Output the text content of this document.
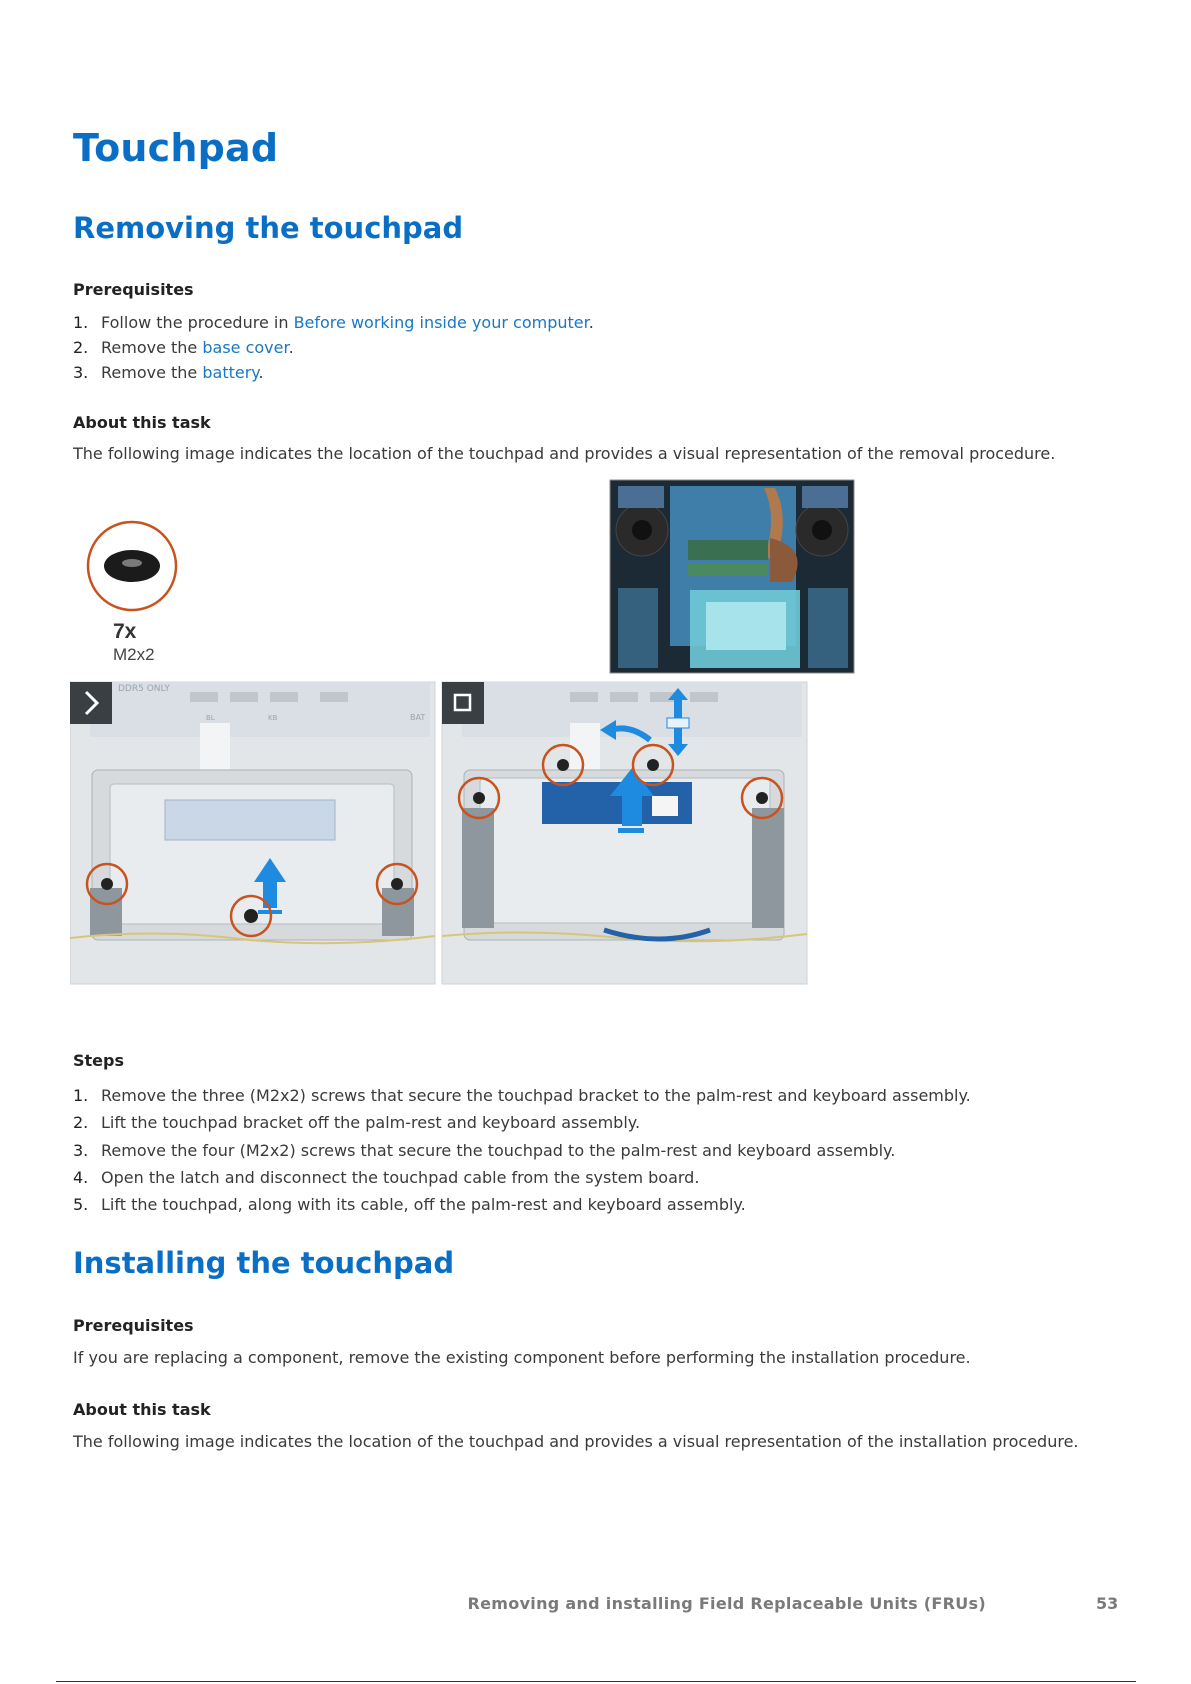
Touchpad
Removing the touchpad
Prerequisites
1. Follow the procedure in Before working inside your computer.
2. Remove the base cover.
3. Remove the battery.
About this task
The following image indicates the location of the touchpad and provides a visual representation of the removal procedure.
7x
M2x2
DDR5 ONLY
BL	KB	BAT
Steps
1. Remove the three (M2x2) screws that secure the touchpad bracket to the palm-rest and keyboard assembly.
2. Lift the touchpad bracket off the palm-rest and keyboard assembly.
3. Remove the four (M2x2) screws that secure the touchpad to the palm-rest and keyboard assembly.
4. Open the latch and disconnect the touchpad cable from the system board.
5. Lift the touchpad, along with its cable, off the palm-rest and keyboard assembly.
Installing the touchpad
Prerequisites
If you are replacing a component, remove the existing component before performing the installation procedure.
About this task
The following image indicates the location of the touchpad and provides a visual representation of the installation procedure.
Removing and installing Field Replaceable Units (FRUs)	53
